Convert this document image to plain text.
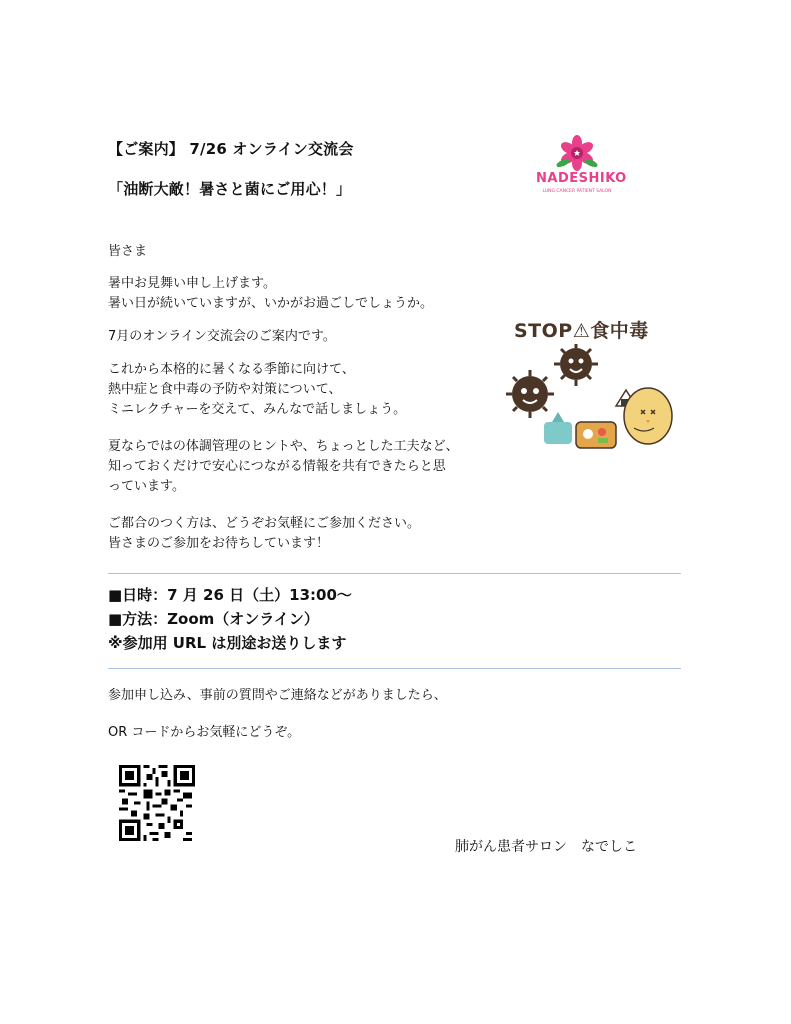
【ご案内】 7/26 オンライン交流会
「油断大敵！暑さと菌にご用心！」
NADESHIKO
LUNG CANCER PATIENT SALON
皆さま
暑中お見舞い申し上げます。
暑い日が続いていますが、いかがお過ごしでしょうか。
7月のオンライン交流会のご案内です。
これから本格的に暑くなる季節に向けて、
熱中症と食中毒の予防や対策について、
ミニレクチャーを交えて、みんなで話しましょう。
夏ならではの体調管理のヒントや、ちょっとした工夫など、
知っておくだけで安心につながる情報を共有できたらと思
っています。
ご都合のつく方は、どうぞお気軽にご参加ください。
皆さまのご参加をお待ちしています！
STOP⚠食中毒
■日時：7 月 26 日（土）13:00～
■方法：Zoom（オンライン）
※参加用 URL は別途お送りします
参加申し込み、事前の質問やご連絡などがありましたら、
OR コードからお気軽にどうぞ。
肺がん患者サロン　なでしこ
